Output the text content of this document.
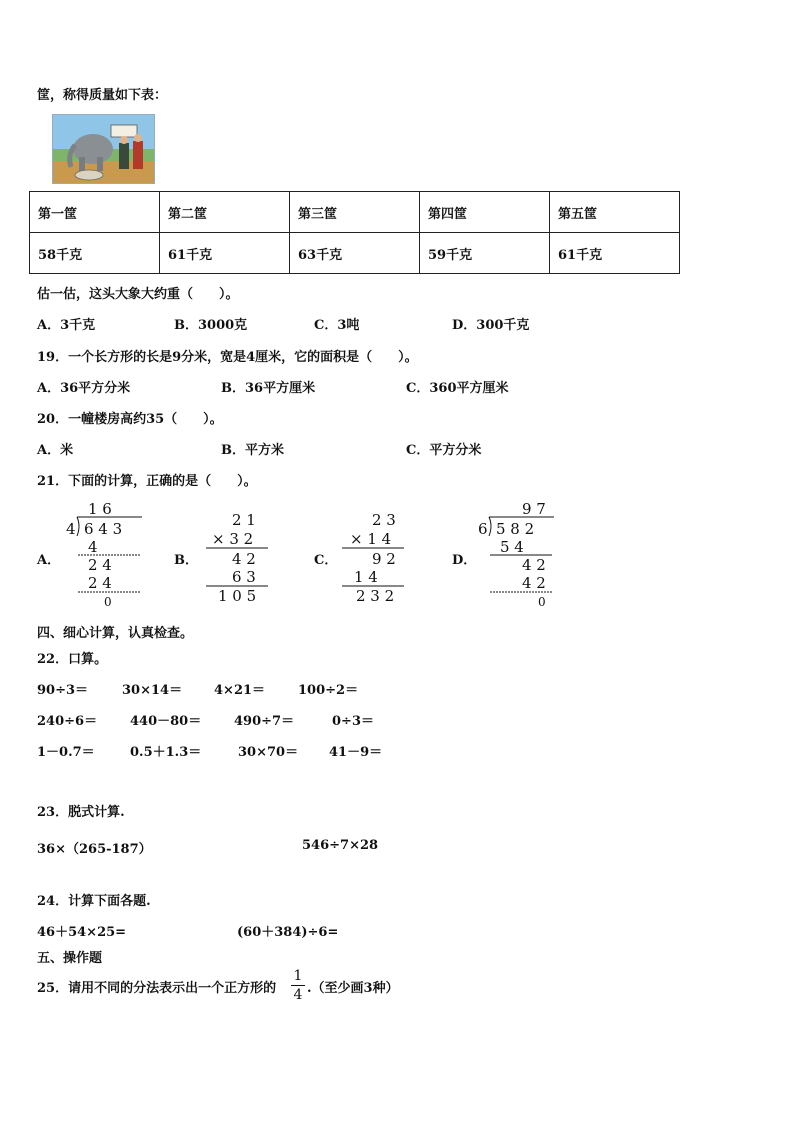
筐，称得质量如下表：
第一筐	第二筐	第三筐	第四筐	第五筐
58千克	61千克	63千克	59千克	61千克
估一估，这头大象大约重（　　）。
A．3千克	B．3000克	C．3吨	D．300千克
19．一个长方形的长是9分米，宽是4厘米，它的面积是（　　）。
A．36平方分米	B．36平方厘米	C．360平方厘米
20．一幢楼房高约35（　　）。
A．米	B．平方米	C．平方分米
21．下面的计算，正确的是（　　）。
A．
1 6
4 6 4 3
4
2 4
2 4
0
B．
2 1
× 3 2
4 2
6 3
1 0 5
C．
2 3
× 1 4
9 2
1 4
2 3 2
D．
9 7
6 5 8 2
5 4
4 2
4 2
0
四、细心计算，认真检查。
22．口算。
90÷3＝	30×14＝ 4×21＝	100÷2＝
240÷6＝	440－80＝	490÷7＝	0÷3＝
1－0.7＝	0.5＋1.3＝	30×70＝ 41－9＝
23．脱式计算.
36×（265-187）	546÷7×28
24．计算下面各题.
46＋54×25=	(60＋384)÷6=
五、操作题
25．请用不同的分法表示出一个正方形的
1
4 .（至少画3种）
